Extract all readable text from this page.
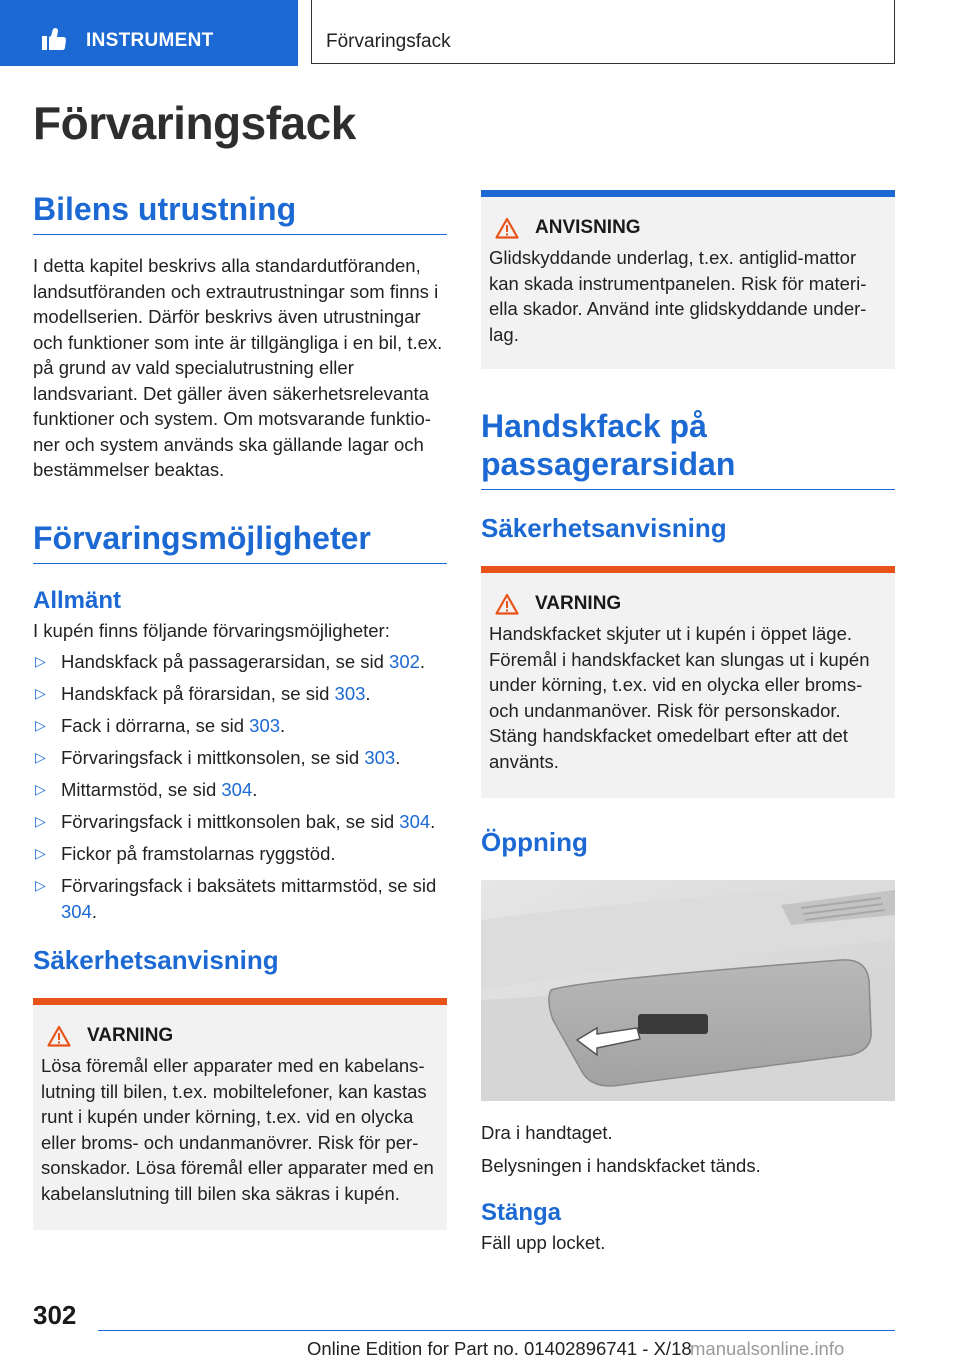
INSTRUMENT	Förvaringsfack
Förvaringsfack
Bilens utrustning

I detta kapitel beskrivs alla standardutföranden, landsutföranden och extrautrustningar som finns i modellserien. Därför beskrivs även utrustningar och funktioner som inte är tillgängliga i en bil, t.ex. på grund av vald specialutrustning eller landsvariant. Det gäller även säkerhetsrelevanta funktioner och system. Om motsvarande funktioner och system används ska gällande lagar och bestämmelser beaktas.

Förvaringsmöjligheter
Allmänt

I kupén finns följande förvaringsmöjligheter:

▷ Handskfack på passagerarsidan, se sid 302.
▷ Handskfack på förarsidan, se sid 303.
▷ Fack i dörrarna, se sid 303.
▷ Förvaringsfack i mittkonsolen, se sid 303.
▷ Mittarmstöd, se sid 304.
▷ Förvaringsfack i mittkonsolen bak, se sid 304.
▷ Fickor på framstolarnas ryggstöd.
▷ Förvaringsfack i baksätets mittarmstöd, se sid 304.
Säkerhetsanvisning
VARNING

Lösa föremål eller apparater med en kabelanslutning till bilen, t.ex. mobiltelefoner, kan kastas runt i kupén under körning, t.ex. vid en olycka eller broms- och undanmanövrer. Risk för personskador. Lösa föremål eller apparater med en kabelanslutning till bilen ska säkras i kupén.

ANVISNING

Glidskyddande underlag, t.ex. antiglid-mattor kan skada instrumentpanelen. Risk för materiella skador. Använd inte glidskyddande underlag.

Handskfack på
passagerarsidan
Säkerhetsanvisning
VARNING

Handskfacket skjuter ut i kupén i öppet läge. Föremål i handskfacket kan slungas ut i kupén under körning, t.ex. vid en olycka eller broms- och undanmanöver. Risk för personskador. Stäng handskfacket omedelbart efter att det använts.

Öppning

Dra i handtaget.

Belysningen i handskfacket tänds.

Stänga

Fäll upp locket.

302
Online Edition for Part no. 01402896741 - X/18
manualsonline.info
